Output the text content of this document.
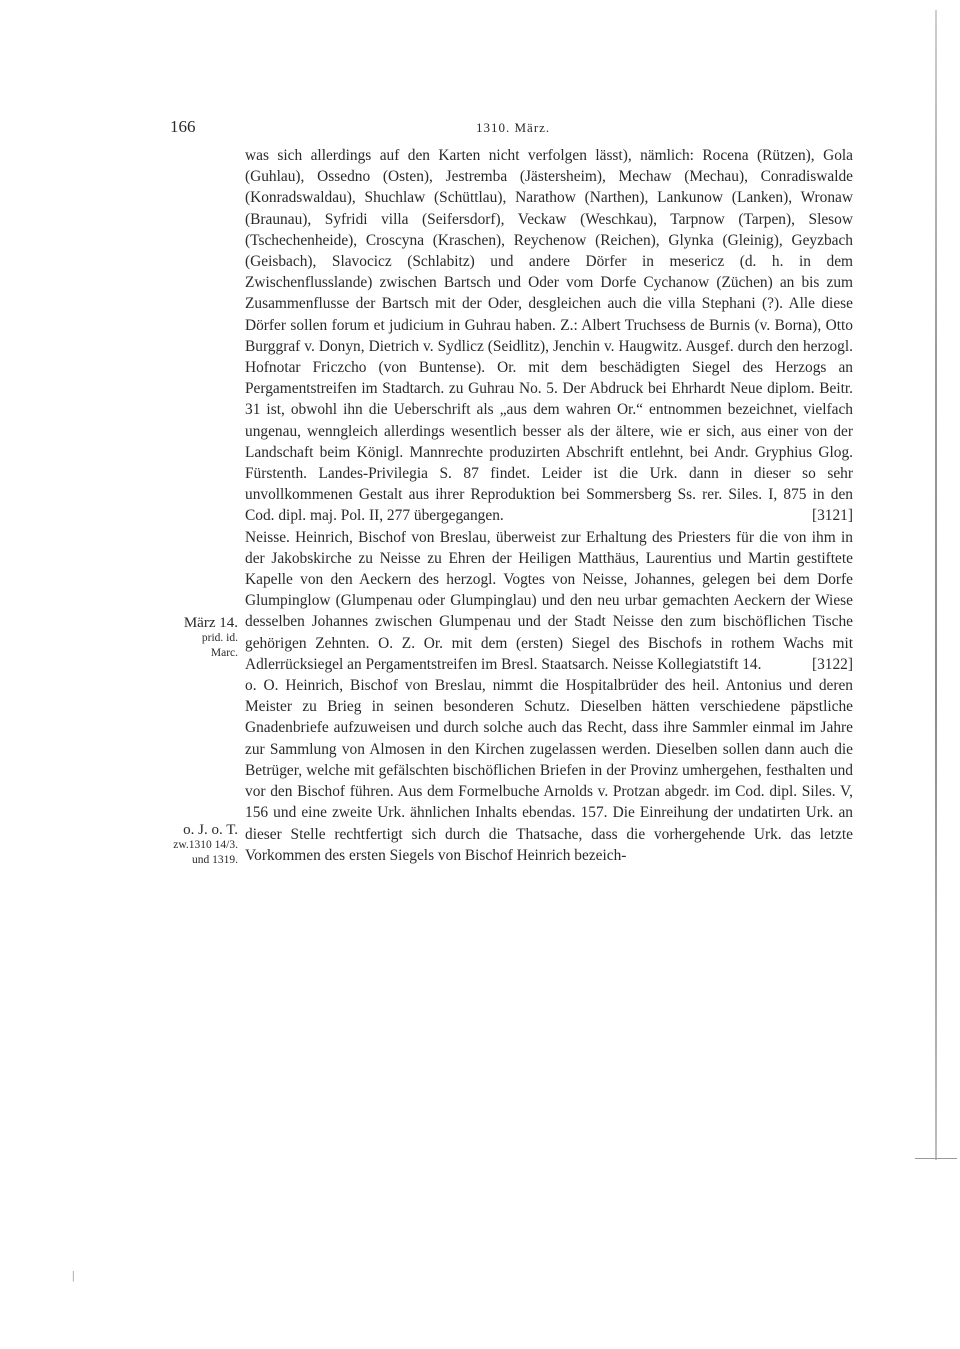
166	1310. März.
März 14.
prid. id.
Marc.
o. J. o. T.
zw.1310 14/3.
und 1319.

was sich allerdings auf den Karten nicht verfolgen lässt), nämlich: Rocena (Rützen), Gola (Guhlau), Ossedno (Osten), Jestremba (Jästersheim), Mechaw (Mechau), Conradiswalde (Konradswaldau), Shuchlaw (Schüttlau), Narathow (Narthen), Lankunow (Lanken), Wronaw (Braunau), Syfridi villa (Seifersdorf), Veckaw (Weschkau), Tarpnow (Tarpen), Slesow (Tschechenheide), Croscyna (Kraschen), Reychenow (Reichen), Glynka (Gleinig), Geyzbach (Geisbach), Slavocicz (Schlabitz) und andere Dörfer in mesericz (d. h. in dem Zwischenflusslande) zwischen Bartsch und Oder vom Dorfe Cychanow (Züchen) an bis zum Zusammenflusse der Bartsch mit der Oder, desgleichen auch die villa Stephani (?). Alle diese Dörfer sollen forum et judicium in Guhrau haben. Z.: Albert Truchsess de Burnis (v. Borna), Otto Burggraf v. Donyn, Dietrich v. Sydlicz (Seidlitz), Jenchin v. Haugwitz. Ausgef. durch den herzogl. Hofnotar Friczcho (von Buntense). Or. mit dem beschädigten Siegel des Herzogs an Pergamentstreifen im Stadtarch. zu Guhrau No. 5. Der Abdruck bei Ehrhardt Neue diplom. Beitr. 31 ist, obwohl ihn die Ueberschrift als „aus dem wahren Or.“ entnommen bezeichnet, vielfach ungenau, wenngleich allerdings wesentlich besser als der ältere, wie er sich, aus einer von der Landschaft beim Königl. Mannrechte produzirten Abschrift entlehnt, bei Andr. Gryphius Glog. Fürstenth. Landes-Privilegia S. 87 findet. Leider ist die Urk. dann in dieser so sehr unvollkommenen Gestalt aus ihrer Reproduktion bei Sommersberg Ss. rer. Siles. I, 875 in den Cod. dipl. maj. Pol. II, 277 übergegangen.	[3121]

Neisse. Heinrich, Bischof von Breslau, überweist zur Erhaltung des Priesters für die von ihm in der Jakobskirche zu Neisse zu Ehren der Heiligen Matthäus, Laurentius und Martin gestiftete Kapelle von den Aeckern des herzogl. Vogtes von Neisse, Johannes, gelegen bei dem Dorfe Glumpinglow (Glumpenau oder Glumpinglau) und den neu urbar gemachten Aeckern der Wiese desselben Johannes zwischen Glumpenau und der Stadt Neisse den zum bischöflichen Tische gehörigen Zehnten. O. Z. Or. mit dem (ersten) Siegel des Bischofs in rothem Wachs mit Adlerrücksiegel an Pergamentstreifen im Bresl. Staatsarch. Neisse Kollegiatstift 14.	[3122]

o. O. Heinrich, Bischof von Breslau, nimmt die Hospitalbrüder des heil. Antonius und deren Meister zu Brieg in seinen besonderen Schutz. Dieselben hätten verschiedene päpstliche Gnadenbriefe aufzuweisen und durch solche auch das Recht, dass ihre Sammler einmal im Jahre zur Sammlung von Almosen in den Kirchen zugelassen werden. Dieselben sollen dann auch die Betrüger, welche mit gefälschten bischöflichen Briefen in der Provinz umhergehen, festhalten und vor den Bischof führen. Aus dem Formelbuche Arnolds v. Protzan abgedr. im Cod. dipl. Siles. V, 156 und eine zweite Urk. ähnlichen Inhalts ebendas. 157. Die Einreihung der undatirten Urk. an dieser Stelle rechtfertigt sich durch die Thatsache, dass die vorhergehende Urk. das letzte Vorkommen des ersten Siegels von Bischof Heinrich bezeich-

|
